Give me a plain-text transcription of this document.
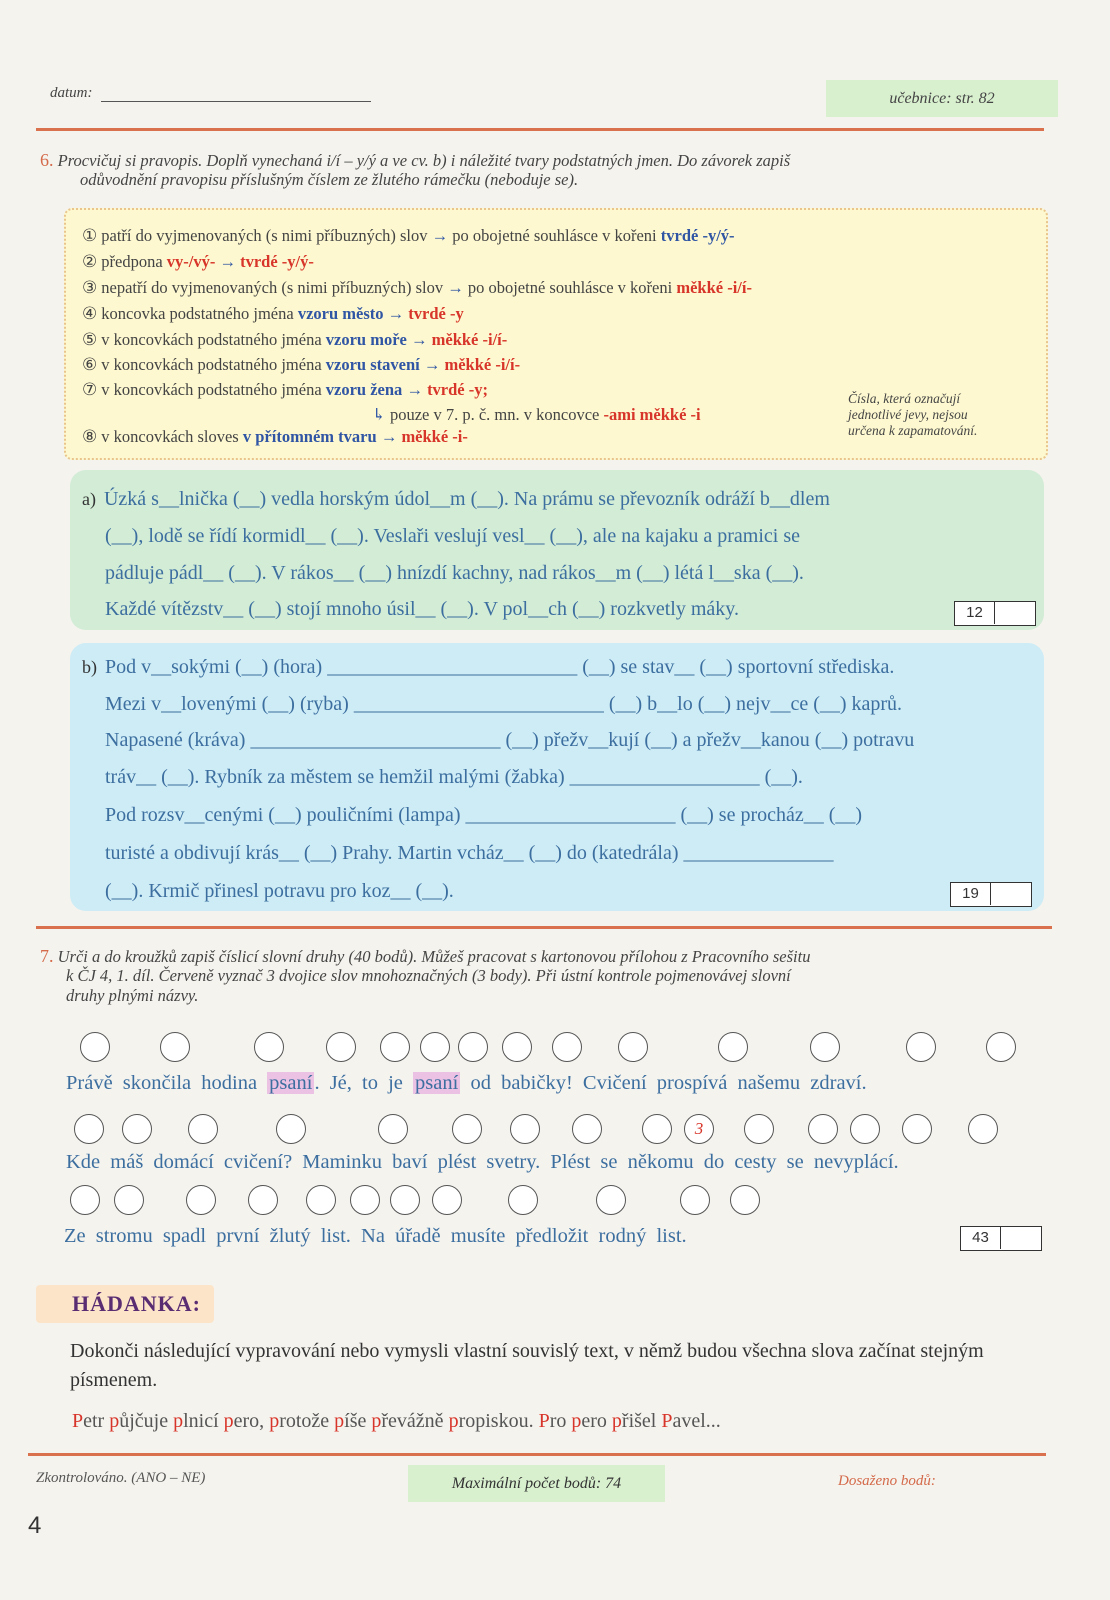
datum:	učebnice: str. 82
6. Procvičuj si pravopis. Doplň vynechaná i/í – y/ý a ve cv. b) i náležité tvary podstatných jmen. Do závorek zapiš
odůvodnění pravopisu příslušným číslem ze žlutého rámečku (neboduje se).
① patří do vyjmenovaných (s nimi příbuzných) slov → po obojetné souhlásce v kořeni tvrdé -y/ý-
② předpona vy-/vý- → tvrdé -y/ý-
③ nepatří do vyjmenovaných (s nimi příbuzných) slov → po obojetné souhlásce v kořeni měkké -i/í-
④ koncovka podstatného jména vzoru město → tvrdé -y
⑤ v koncovkách podstatného jména vzoru moře → měkké -i/í-
⑥ v koncovkách podstatného jména vzoru stavení → měkké -i/í-
⑦ v koncovkách podstatného jména vzoru žena → tvrdé -y;
↳ pouze v 7. p. č. mn. v koncovce -ami měkké -i
⑧ v koncovkách sloves v přítomném tvaru → měkké -i-
Čísla, která označují
jednotlivé jevy, nejsou
určena k zapamatování.
a) Úzká s__lnička (__) vedla horským údol__m (__). Na prámu se převozník odráží b__dlem
(__), lodě se řídí kormidl__ (__). Veslaři veslují vesl__ (__), ale na kajaku a pramici se
pádluje pádl__ (__). V rákos__ (__) hnízdí kachny, nad rákos__m (__) létá l__ska (__).
Každé vítězstv__ (__) stojí mnoho úsil__ (__). V pol__ch (__) rozkvetly máky.	12
b) Pod v__sokými (__) (hora) _________________________ (__) se stav__ (__) sportovní střediska.
Mezi v__lovenými (__) (ryba) _________________________ (__) b__lo (__) nejv__ce (__) kaprů.
Napasené (kráva) _________________________ (__) přežv__kují (__) a přežv__kanou (__) potravu
tráv__ (__). Rybník za městem se hemžil malými (žabka) ___________________ (__).
Pod rozsv__cenými (__) pouličními (lampa) _____________________ (__) se procház__ (__)
turisté a obdivují krás__ (__) Prahy. Martin vcház__ (__) do (katedrála) _______________
(__). Krmič přinesl potravu pro koz__ (__).	19
7. Urči a do kroužků zapiš číslicí slovní druhy (40 bodů). Můžeš pracovat s kartonovou přílohou z Pracovního sešitu
k ČJ 4, 1. díl. Červeně vyznač 3 dvojice slov mnohoznačných (3 body). Při ústní kontrole pojmenovávej slovní
druhy plnými názvy.
Právě skončila hodina psaní. Jé, to je psaní od babičky! Cvičení prospívá našemu zdraví.
3
Kde máš domácí cvičení? Maminku baví plést svetry. Plést se někomu do cesty se nevyplácí.
Ze stromu spadl první žlutý list. Na úřadě musíte předložit rodný list.	43
? HÁDANKA:
Dokonči následující vypravování nebo vymysli vlastní souvislý text, v němž budou všechna slova začínat stejným písmenem.
Petr půjčuje plnicí pero, protože píše převážně propiskou. Pro pero přišel Pavel...
Zkontrolováno. (ANO – NE)	Maximální počet bodů: 74	Dosaženo bodů:
4
